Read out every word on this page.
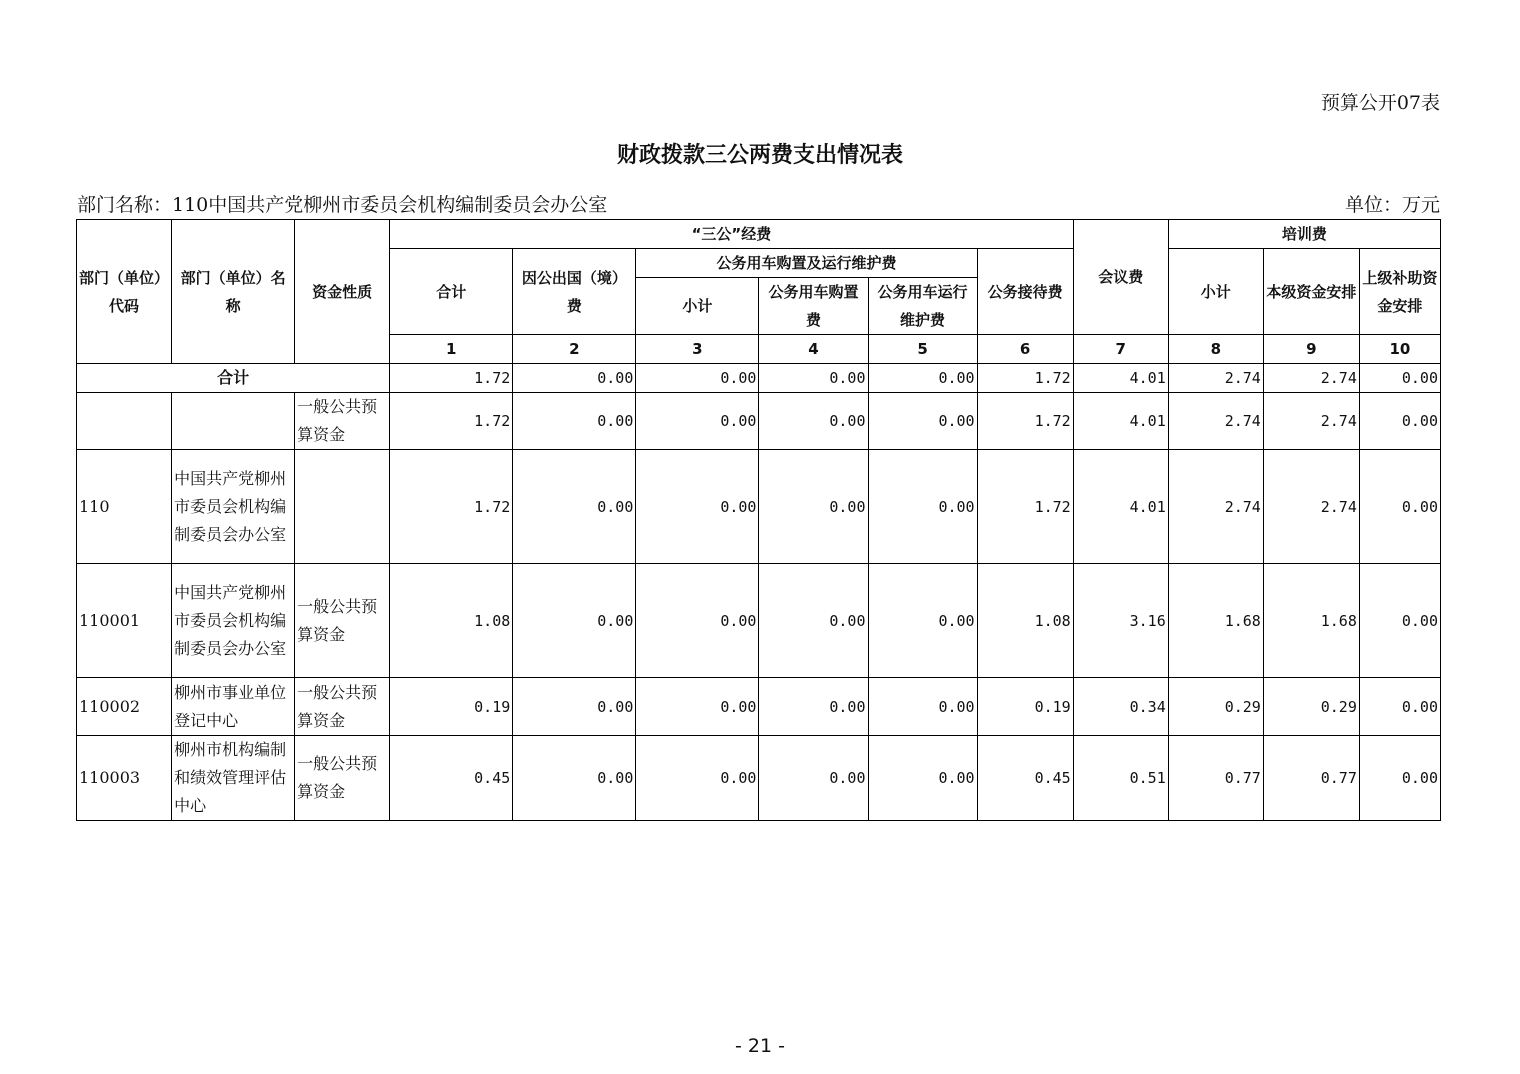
预算公开07表
财政拨款三公两费支出情况表
部门名称：110中国共产党柳州市委员会机构编制委员会办公室	单位：万元
部门（单位）代码	部门（单位）名称	资金性质	“三公”经费						会议费	培训费		
			合计	因公出国（境）费	公务用车购置及运行维护费			公务接待费		小计	本级资金安排	上级补助资金安排
					小计	公务用车购置费	公务用车运行维护费					
			1	2	3	4	5	6	7	8	9	10
合计			1.72	0.00	0.00	0.00	0.00	1.72	4.01	2.74	2.74	0.00
		一般公共预算资金	1.72	0.00	0.00	0.00	0.00	1.72	4.01	2.74	2.74	0.00
110	中国共产党柳州市委员会机构编制委员会办公室		1.72	0.00	0.00	0.00	0.00	1.72	4.01	2.74	2.74	0.00
110001	中国共产党柳州市委员会机构编制委员会办公室	一般公共预算资金	1.08	0.00	0.00	0.00	0.00	1.08	3.16	1.68	1.68	0.00
110002	柳州市事业单位登记中心	一般公共预算资金	0.19	0.00	0.00	0.00	0.00	0.19	0.34	0.29	0.29	0.00
110003	柳州市机构编制和绩效管理评估中心	一般公共预算资金	0.45	0.00	0.00	0.00	0.00	0.45	0.51	0.77	0.77	0.00
- 21 -
